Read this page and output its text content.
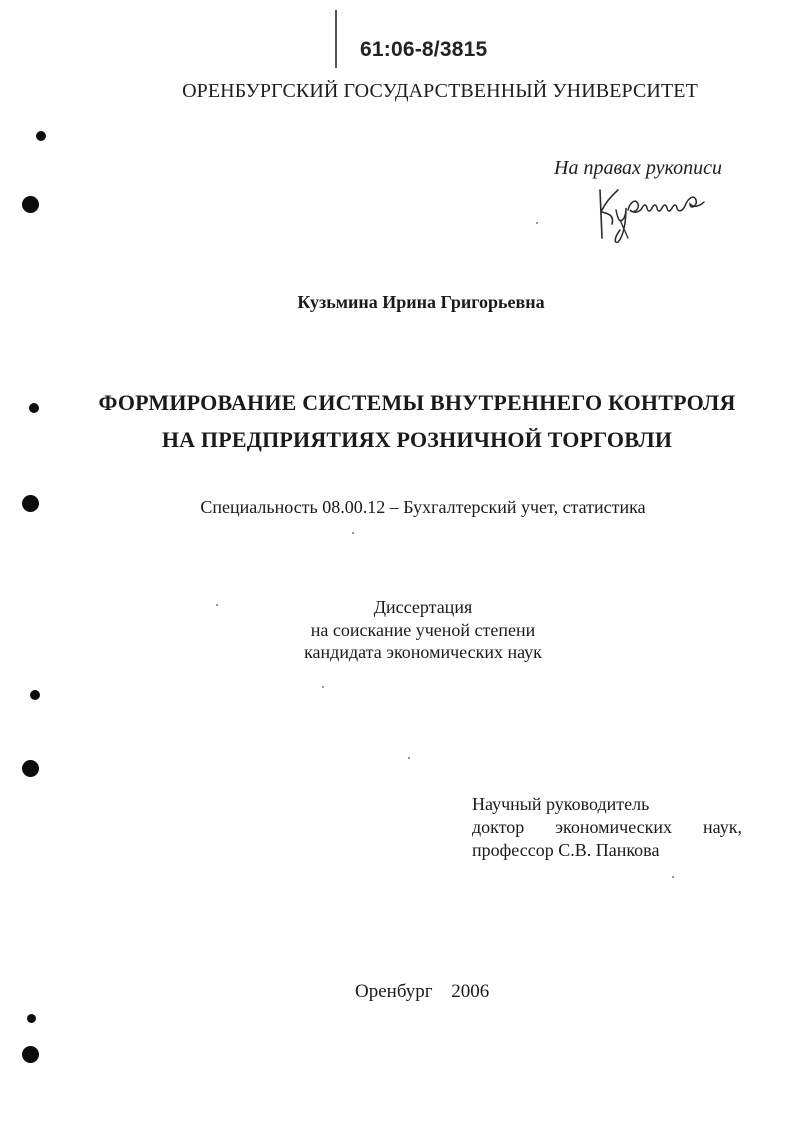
61:06-8/3815

ОРЕНБУРГСКИЙ ГОСУДАРСТВЕННЫЙ УНИВЕРСИТЕТ

На правах рукописи

Кузьмина Ирина Григорьевна

ФОРМИРОВАНИЕ СИСТЕМЫ ВНУТРЕННЕГО КОНТРОЛЯ

НА ПРЕДПРИЯТИЯХ РОЗНИЧНОЙ ТОРГОВЛИ

Специальность 08.00.12 – Бухгалтерский учет, статистика

Диссертация

на соискание ученой степени

кандидата экономических наук

Научный руководитель

доктор экономических наук,

профессор С.В. Панкова

Оренбург 2006
